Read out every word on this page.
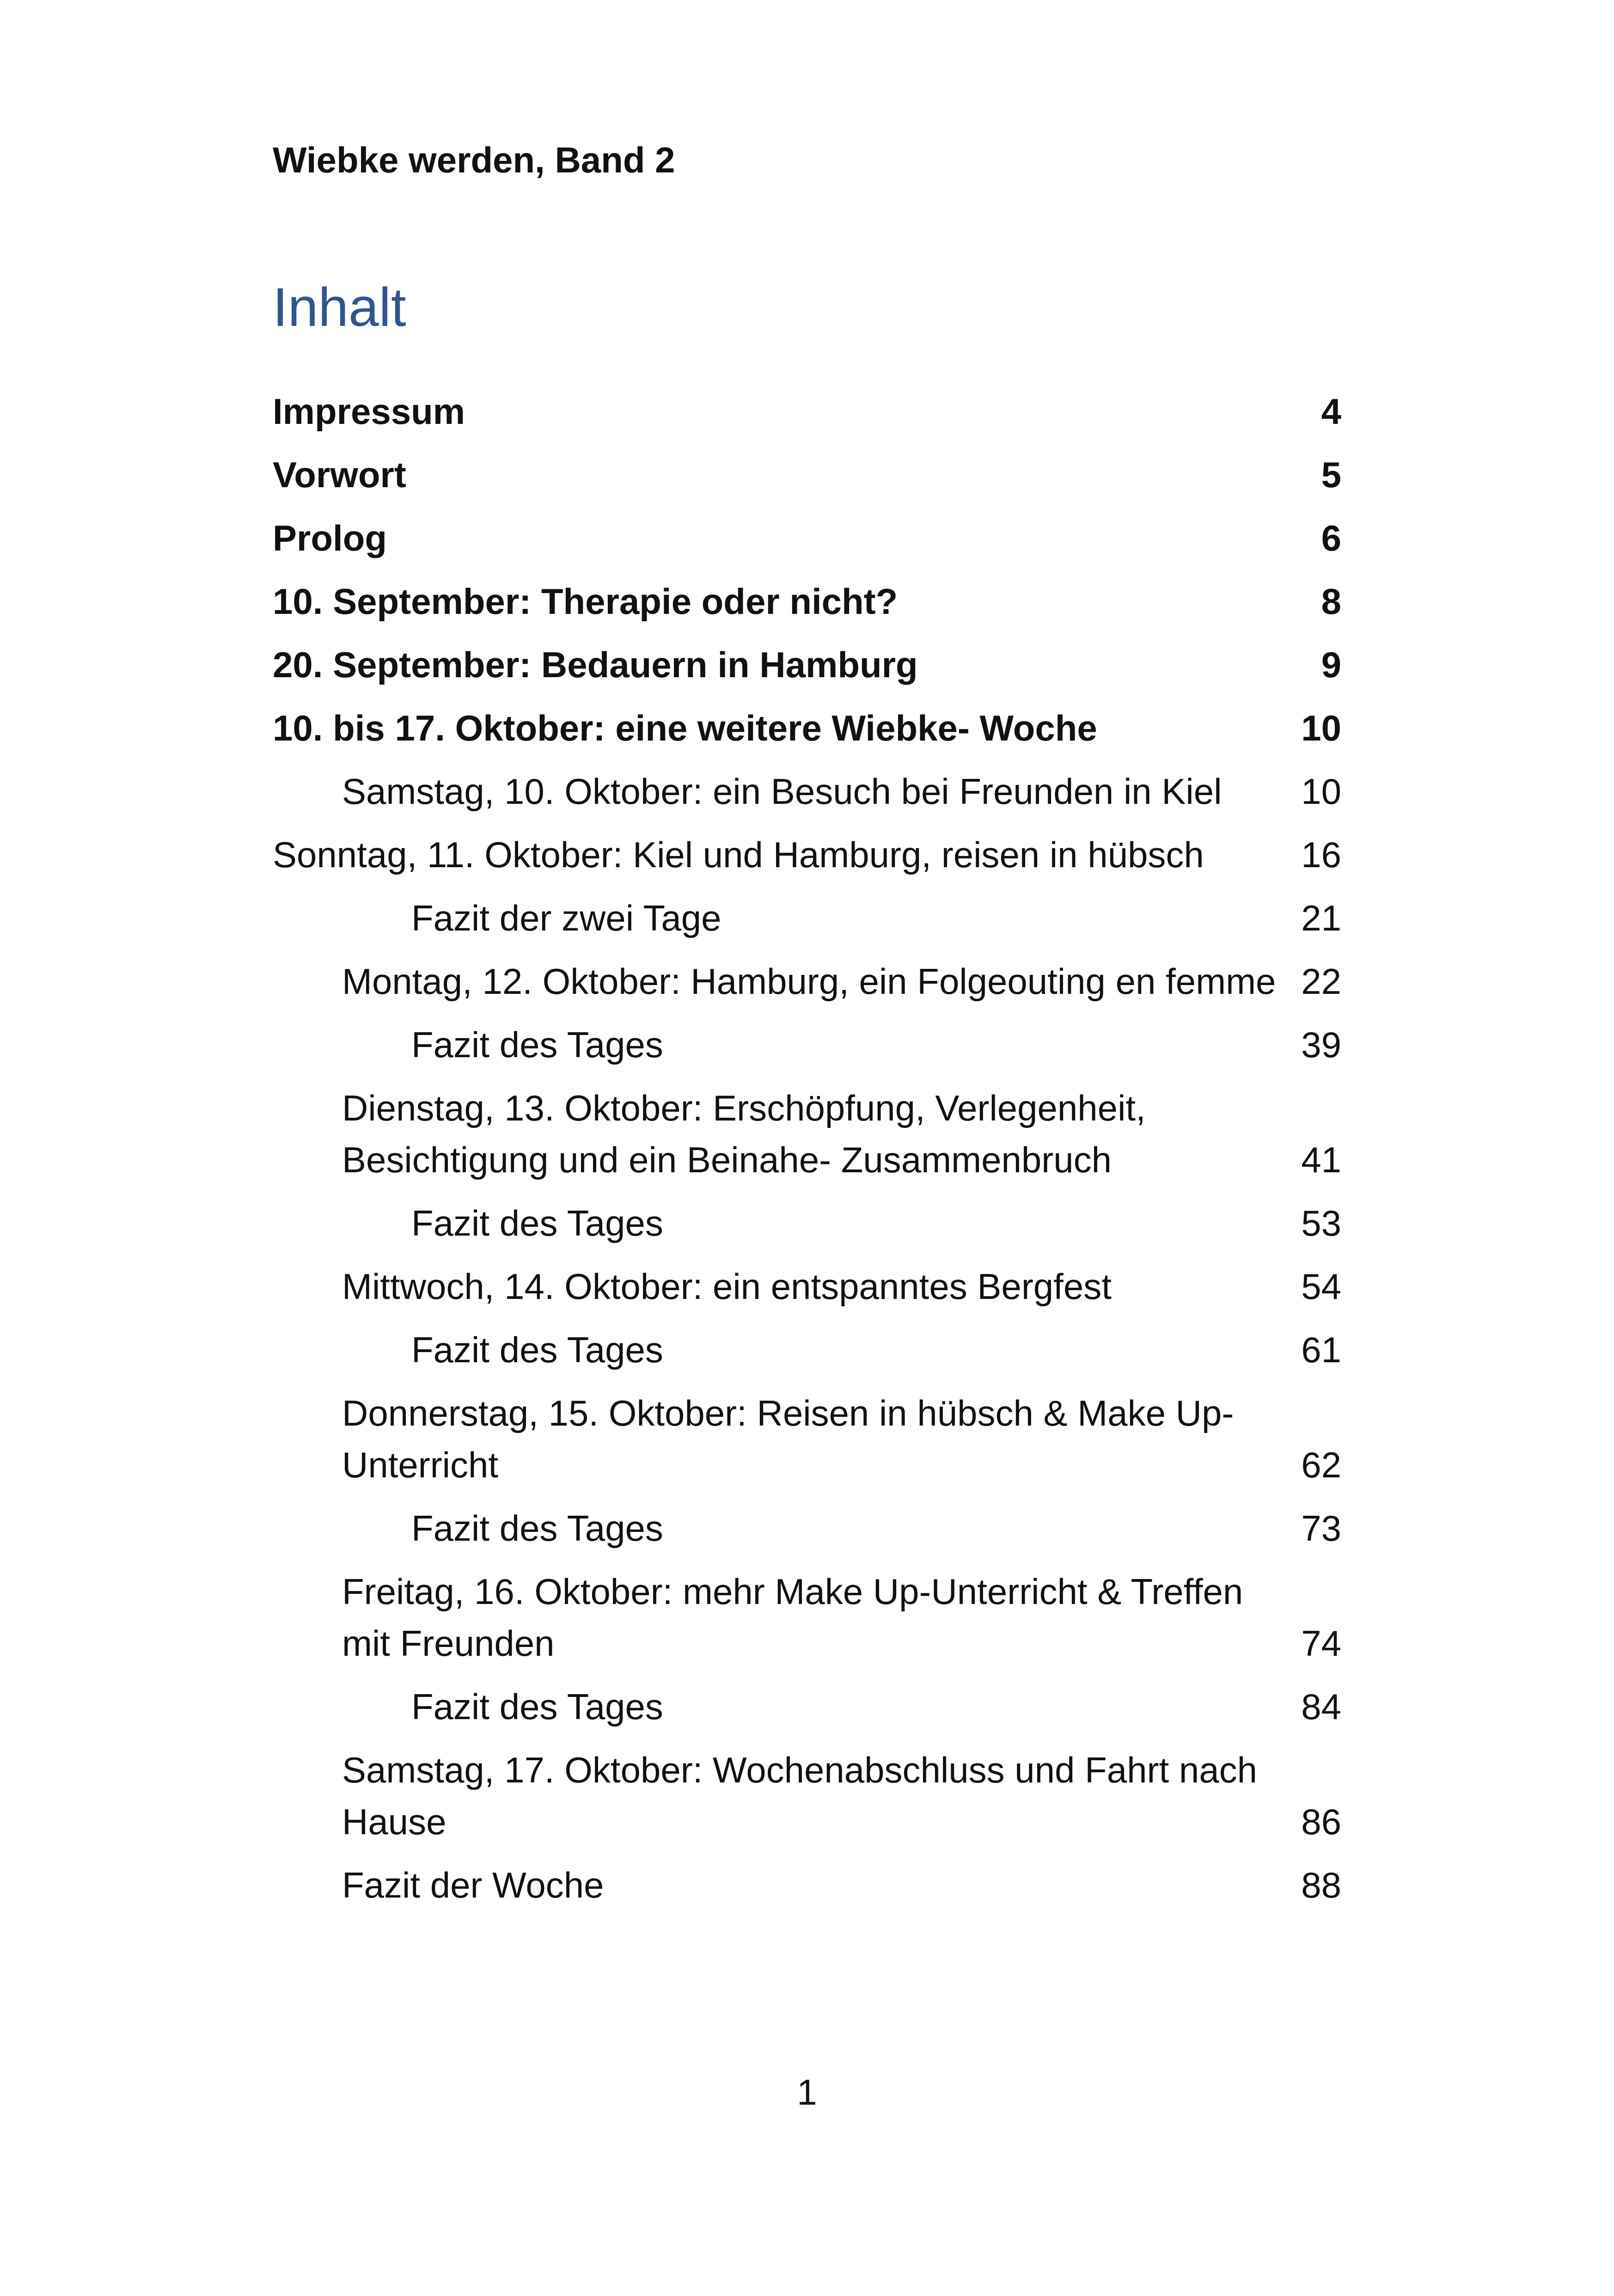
Wiebke werden, Band 2
Inhalt
Impressum	4
Vorwort	5
Prolog	6
10. September: Therapie oder nicht?	8
20. September: Bedauern in Hamburg	9
10. bis 17. Oktober: eine weitere Wiebke- Woche	10
Samstag, 10. Oktober: ein Besuch bei Freunden in Kiel	10
Sonntag, 11. Oktober: Kiel und Hamburg, reisen in hübsch	16
Fazit der zwei Tage	21
Montag, 12. Oktober: Hamburg, ein Folgeouting en femme 22
Fazit des Tages	39
Dienstag, 13. Oktober: Erschöpfung, Verlegenheit, Besichtigung und ein Beinahe- Zusammenbruch	41
Fazit des Tages	53
Mittwoch, 14. Oktober: ein entspanntes Bergfest	54
Fazit des Tages	61
Donnerstag, 15. Oktober: Reisen in hübsch & Make Up-Unterricht	62
Fazit des Tages	73
Freitag, 16. Oktober: mehr Make Up-Unterricht & Treffen mit Freunden	74
Fazit des Tages	84
Samstag, 17. Oktober: Wochenabschluss und Fahrt nach Hause	86
Fazit der Woche	88
1
